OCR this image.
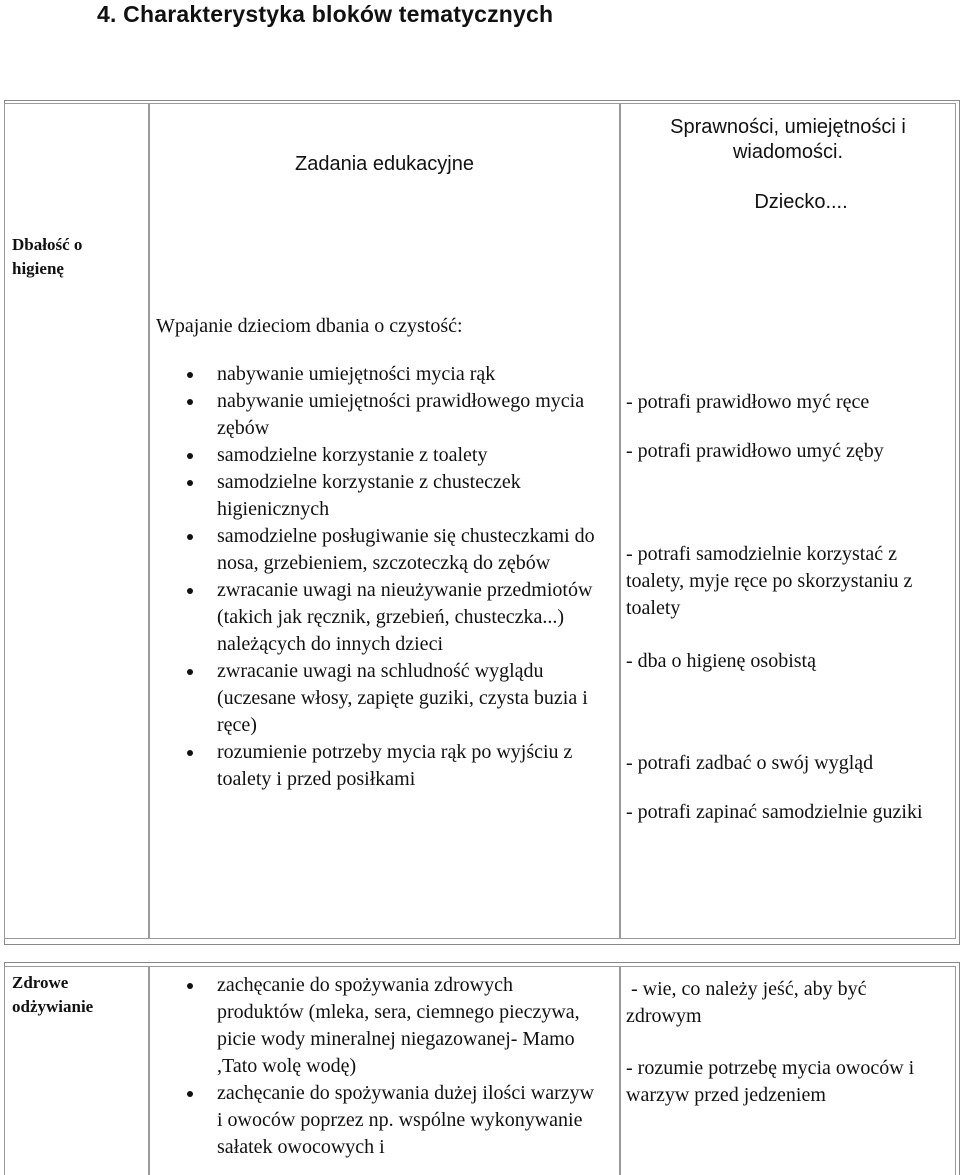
4. Charakterystyka bloków tematycznych
Dbałość o
higienę
Zadania edukacyjne
Sprawności, umiejętności i
wiadomości.
Dziecko....
Wpajanie dzieciom dbania o czystość:
nabywanie umiejętności mycia rąk
nabywanie umiejętności prawidłowego mycia zębów
samodzielne korzystanie z toalety
samodzielne korzystanie z chusteczek higienicznych
samodzielne posługiwanie się chusteczkami do nosa, grzebieniem, szczoteczką do zębów
zwracanie uwagi na nieużywanie przedmiotów (takich jak ręcznik, grzebień, chusteczka...) należących do innych dzieci
zwracanie uwagi na schludność wyglądu (uczesane włosy, zapięte guziki, czysta buzia i ręce)
rozumienie potrzeby mycia rąk po wyjściu z toalety i przed posiłkami
- potrafi prawidłowo myć ręce
- potrafi prawidłowo umyć zęby
- potrafi samodzielnie korzystać z toalety, myje ręce po skorzystaniu z toalety
- dba o higienę osobistą
- potrafi zadbać o swój wygląd
- potrafi zapinać samodzielnie guziki
Zdrowe
odżywianie
zachęcanie do spożywania zdrowych produktów (mleka, sera, ciemnego pieczywa, picie wody mineralnej niegazowanej- Mamo ,Tato wolę wodę)
zachęcanie do spożywania dużej ilości warzyw i owoców poprzez np. wspólne wykonywanie sałatek owocowych i
- wie, co należy jeść, aby być zdrowym
- rozumie potrzebę mycia owoców i warzyw przed jedzeniem
